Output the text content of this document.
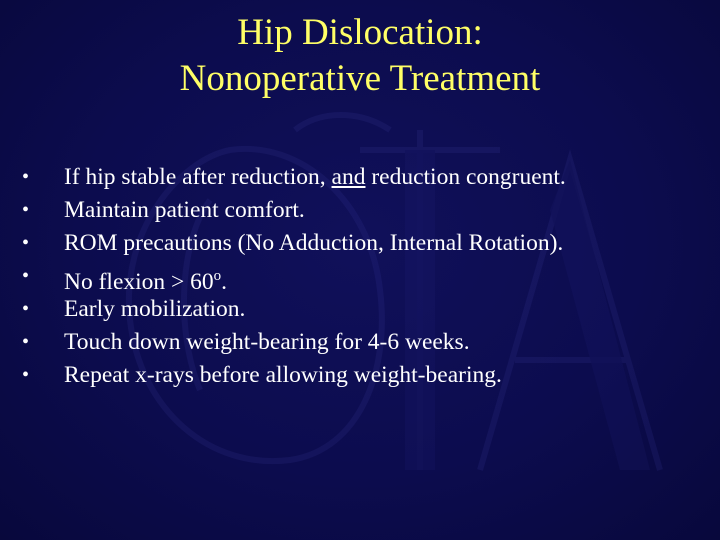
Hip Dislocation:
Nonoperative Treatment
•	If hip stable after reduction, and reduction congruent.
•	Maintain patient comfort.
•	ROM precautions (No Adduction, Internal Rotation).
•	No flexion > $60^o$.
•	Early mobilization.
•	Touch down weight-bearing for 4-6 weeks.
•	Repeat x-rays before allowing weight-bearing.
